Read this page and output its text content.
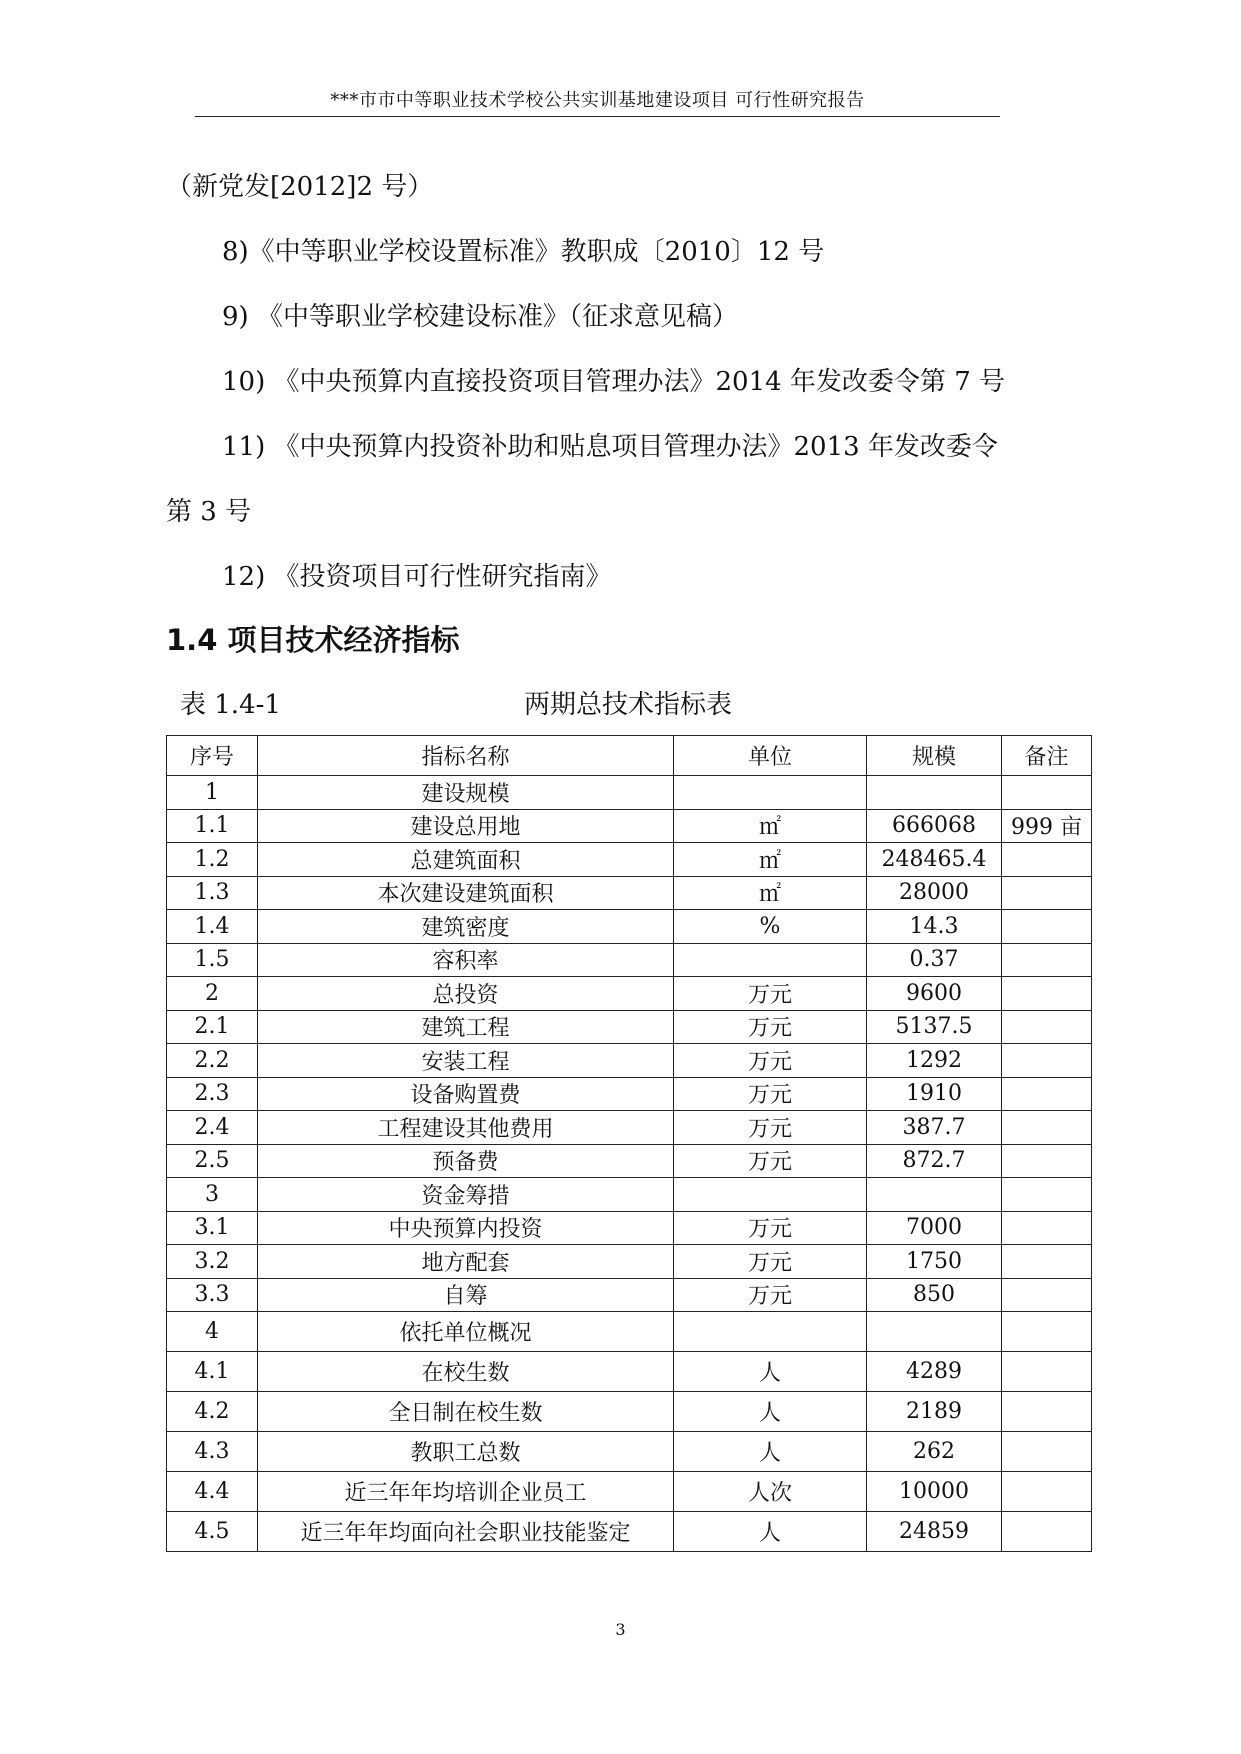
***市市中等职业技术学校公共实训基地建设项目 可行性研究报告
（新党发[2012]2 号）
8)《中等职业学校设置标准》教职成〔2010〕12 号
9) 《中等职业学校建设标准》（征求意见稿）
10) 《中央预算内直接投资项目管理办法》2014 年发改委令第 7 号
11) 《中央预算内投资补助和贴息项目管理办法》2013 年发改委令
第 3 号
12) 《投资项目可行性研究指南》
1.4 项目技术经济指标
表 1.4-1	两期总技术指标表
序号	指标名称	单位	规模	备注
1	建设规模			
1.1	建设总用地	㎡	666068	999 亩
1.2	总建筑面积	㎡	248465.4	
1.3	本次建设建筑面积	㎡	28000	
1.4	建筑密度	%	14.3	
1.5	容积率		0.37	
2	总投资	万元	9600	
2.1	建筑工程	万元	5137.5	
2.2	安装工程	万元	1292	
2.3	设备购置费	万元	1910	
2.4	工程建设其他费用	万元	387.7	
2.5	预备费	万元	872.7	
3	资金筹措			
3.1	中央预算内投资	万元	7000	
3.2	地方配套	万元	1750	
3.3	自筹	万元	850	
4	依托单位概况			
4.1	在校生数	人	4289	
4.2	全日制在校生数	人	2189	
4.3	教职工总数	人	262	
4.4	近三年年均培训企业员工	人次	10000	
4.5	近三年年均面向社会职业技能鉴定	人	24859	
3
